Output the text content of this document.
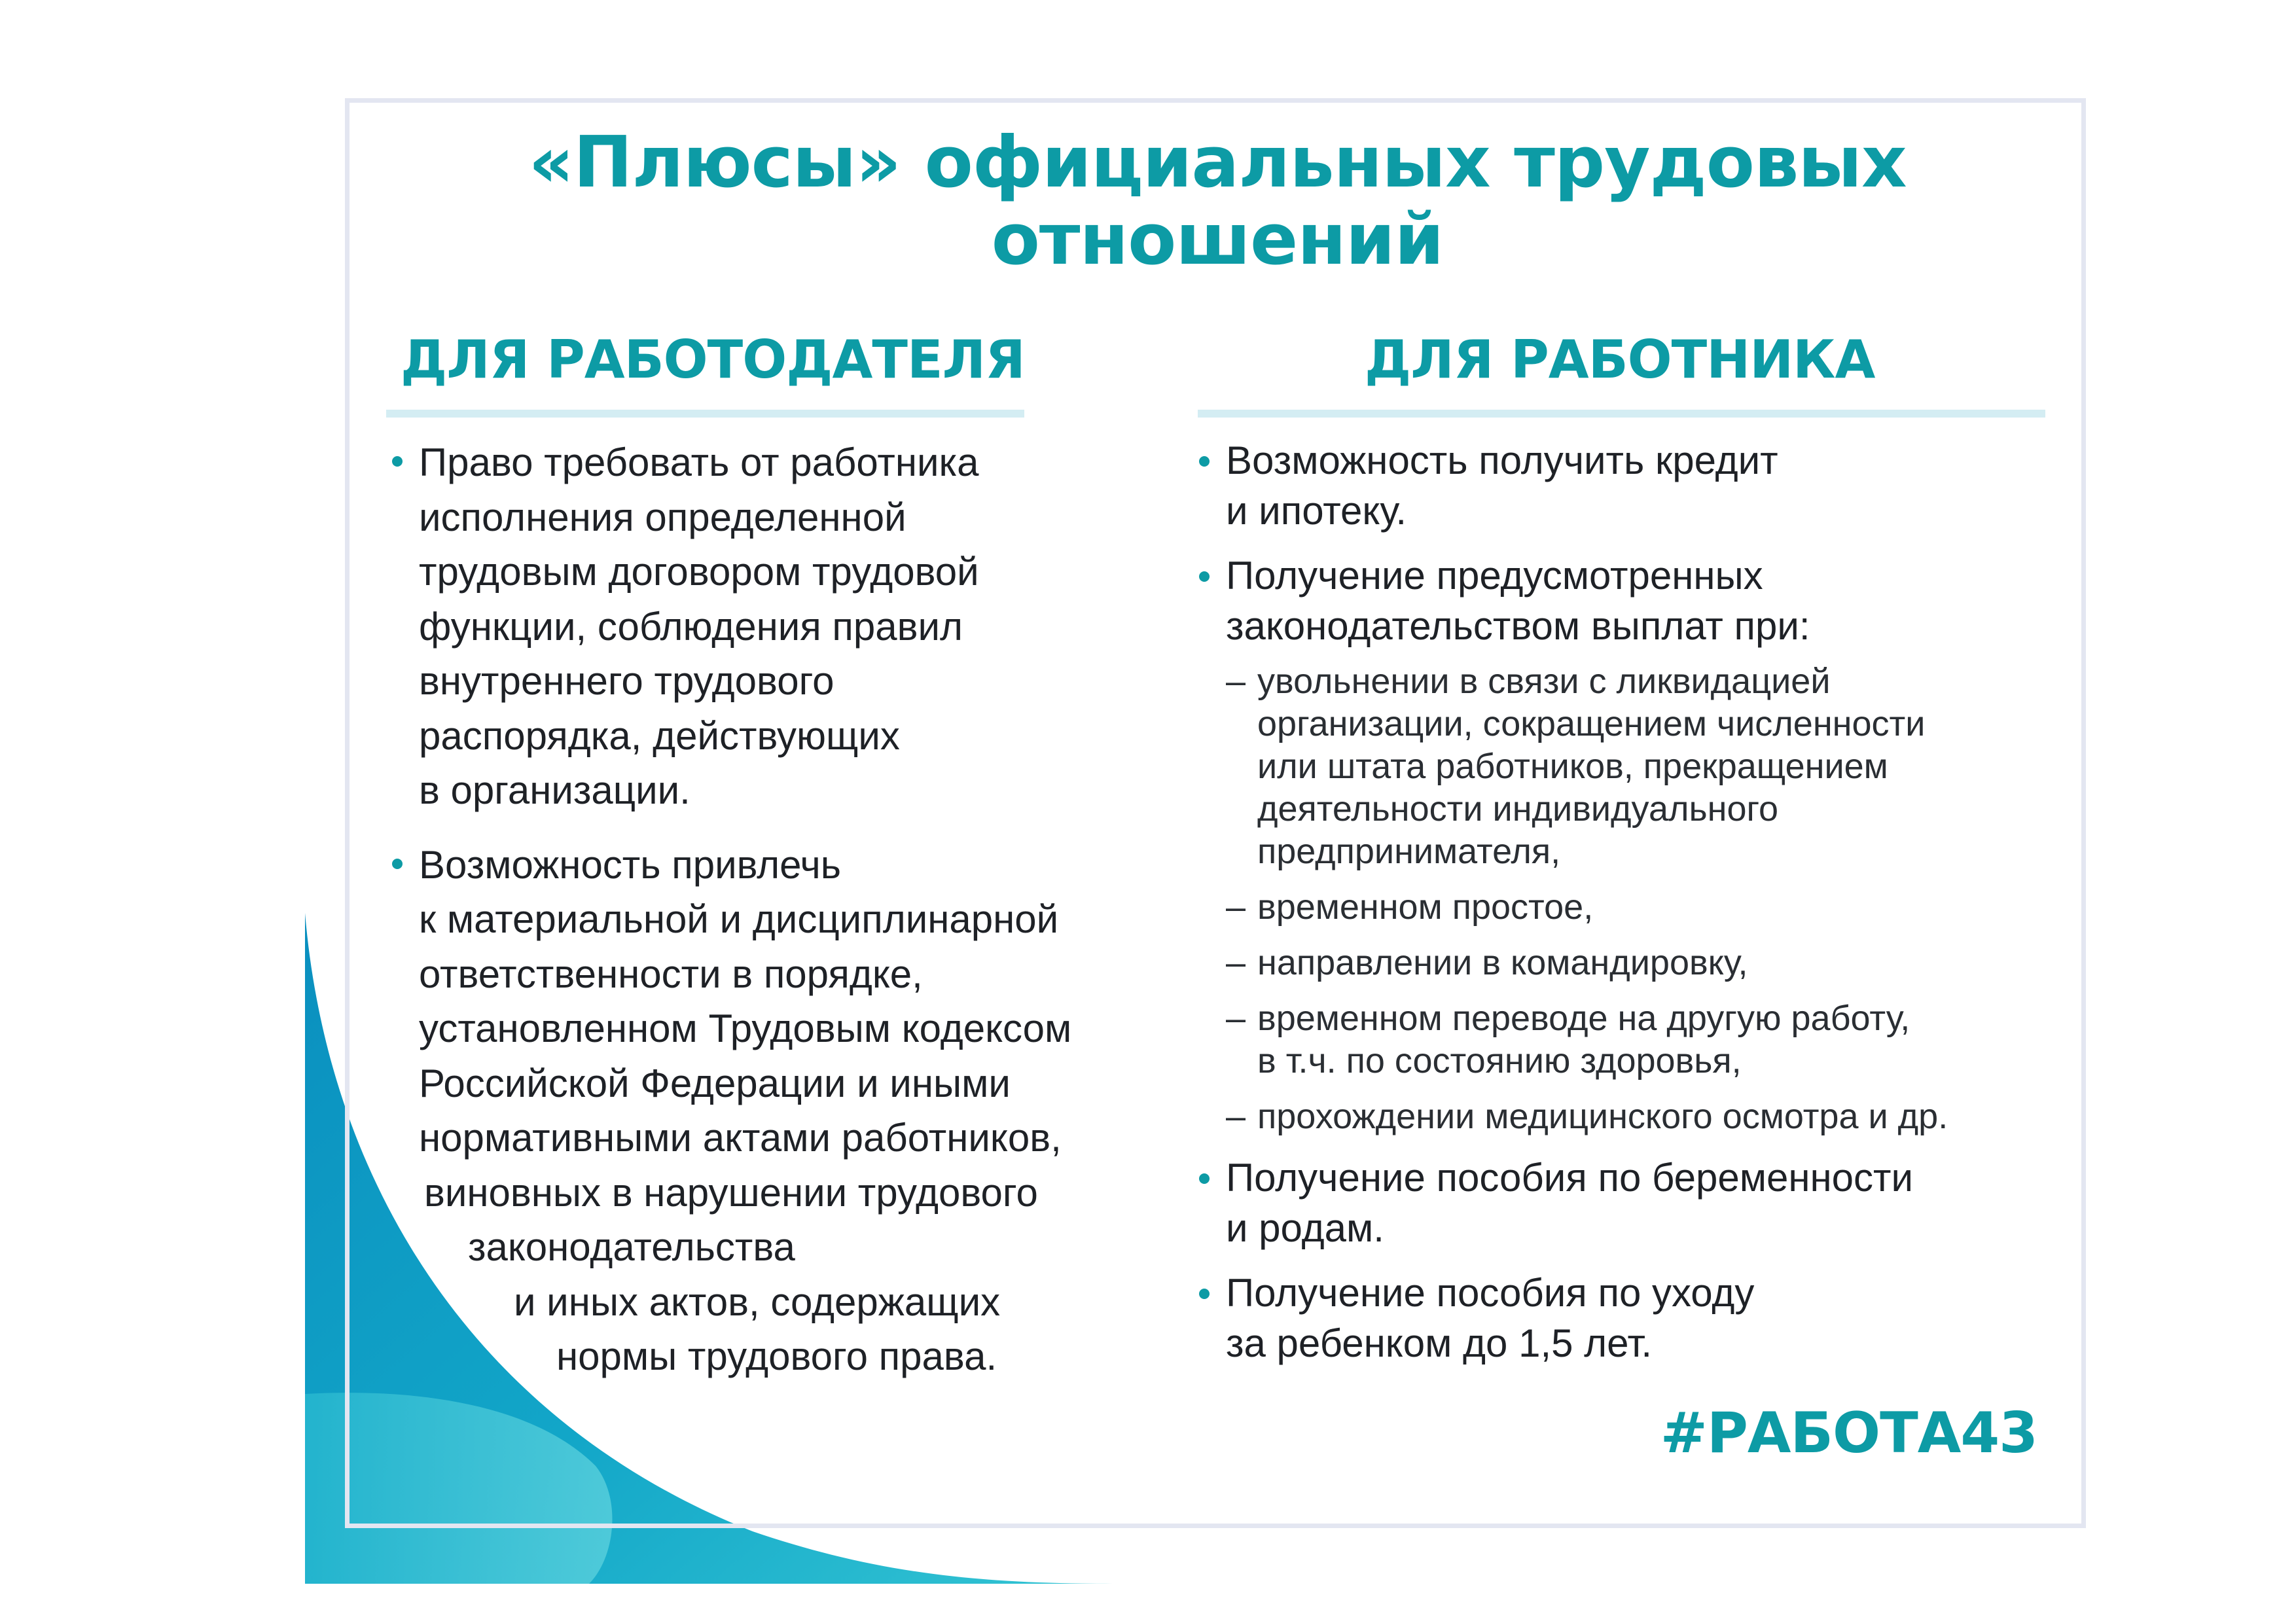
«Плюсы» официальных трудовых
отношений
ДЛЯ РАБОТОДАТЕЛЯ	ДЛЯ РАБОТНИКА
Право требовать от работника
исполнения определенной
трудовым договором трудовой
функции, соблюдения правил
внутреннего трудового
распорядка, действующих
в организации.
Возможность привлечь
к материальной и дисциплинарной
ответственности в порядке,
установленном Трудовым кодексом
Российской Федерации и иными
нормативными актами работников,
виновных в нарушении трудового
законодательства
и иных актов, содержащих
нормы трудового права.
Возможность получить кредит
и ипотеку.
Получение предусмотренных
законодательством выплат при:
– увольнении в связи с ликвидацией
организации, сокращением численности
или штата работников, прекращением
деятельности индивидуального
предпринимателя,
– временном простое,
– направлении в командировку,
– временном переводе на другую работу,
в т.ч. по состоянию здоровья,
– прохождении медицинского осмотра и др.
Получение пособия по беременности
и родам.
Получение пособия по уходу
за ребенком до 1,5 лет.
#РАБОТА43
